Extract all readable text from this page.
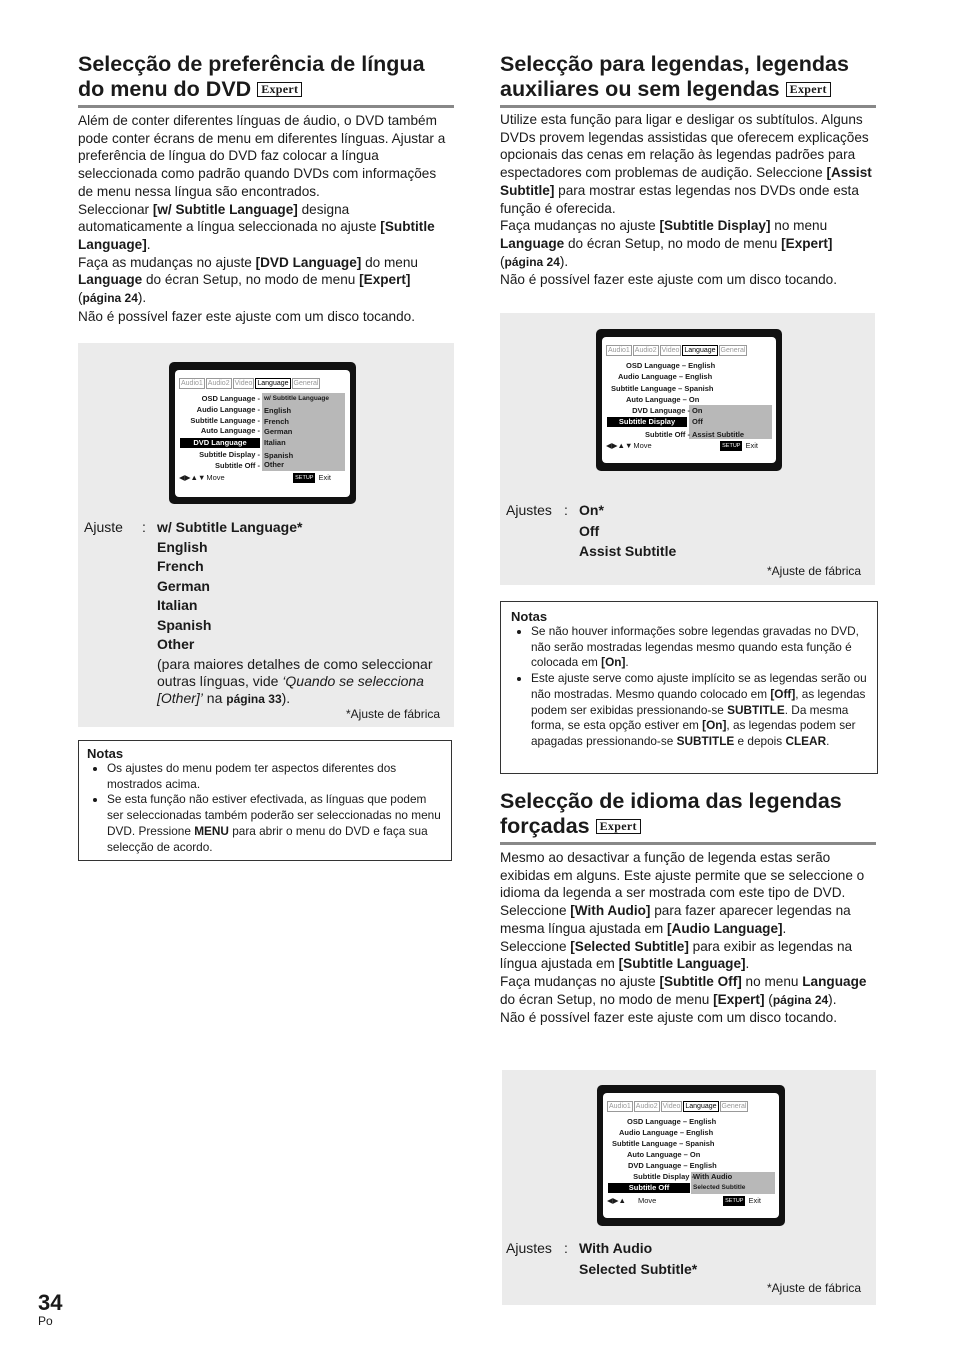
Selecção de preferência de língua do menu do DVD Expert

Além de conter diferentes línguas de áudio, o DVD também pode conter écrans de menu em diferentes línguas. Ajustar a preferência de língua do DVD faz colocar a língua seleccionada como padrão quando DVDs com informações de menu nessa língua são encontrados.

Seleccionar [w/ Subtitle Language] designa automaticamente a língua seleccionada no ajuste [Subtitle Language].

Faça as mudanças no ajuste [DVD Language] do menu Language do écran Setup, no modo de menu [Expert] (página 24).

Não é possível fazer este ajuste com um disco tocando.

Audio1 Audio2 Video Language General
OSD Language -
Audio Language -
Subtitle Language -
Auto Language -
DVD Language
Subtitle Display -
Subtitle Off -
w/ Subtitle Language
English
French
German
Italian
Spanish
Other
◀▶▲▼ Move	SETUP Exit
Ajuste : w/ Subtitle Language*
English
French
German
Italian
Spanish
Other
(para maiores detalhes de como seleccionar outras línguas, vide ‘Quando se selecciona [Other]’ na página 33).
*Ajuste de fábrica
Notas
• Os ajustes do menu podem ter aspectos diferentes dos mostrados acima.
• Se esta função não estiver efectivada, as línguas que podem ser seleccionadas também poderão ser seleccionadas no menu DVD. Pressione MENU para abrir o menu do DVD e faça sua selecção de acordo.
Selecção para legendas, legendas auxiliares ou sem legendas Expert

Utilize esta função para ligar e desligar os subtítulos. Alguns DVDs provem legendas assistidas que oferecem explicações opcionais das cenas em relação às legendas padrões para espectadores com problemas de audição. Seleccione [Assist Subtitle] para mostrar estas legendas nos DVDs onde esta função é oferecida.

Faça mudanças no ajuste [Subtitle Display] no menu Language do écran Setup, no modo de menu [Expert] (página 24).

Não é possível fazer este ajuste com um disco tocando.

Audio1 Audio2 Video Language General
OSD Language – English
Audio Language – English
Subtitle Language – Spanish
Auto Language – On
DVD Language -
Subtitle Display
Subtitle Off -
On
Off
Assist Subtitle
◀▶▲▼ Move	SETUP Exit
Ajustes : On*
Off
Assist Subtitle
*Ajuste de fábrica
Notas
• Se não houver informações sobre legendas gravadas no DVD, não serão mostradas legendas mesmo quando esta função é colocada em [On].
• Este ajuste serve como ajuste implícito se as legendas serão ou não mostradas. Mesmo quando colocado em [Off], as legendas podem ser exibidas pressionando-se SUBTITLE. Da mesma forma, se esta opção estiver em [On], as legendas podem ser apagadas pressionando-se SUBTITLE e depois CLEAR.
Selecção de idioma das legendas forçadas Expert

Mesmo ao desactivar a função de legenda estas serão exibidas em alguns. Este ajuste permite que se seleccione o idioma da legenda a ser mostrada com este tipo de DVD.

Seleccione [With Audio] para fazer aparecer legendas na mesma língua ajustada em [Audio Language].

Seleccione [Selected Subtitle] para exibir as legendas na língua ajustada em [Subtitle Language].

Faça mudanças no ajuste [Subtitle Off] no menu Language do écran Setup, no modo de menu [Expert] (página 24).

Não é possível fazer este ajuste com um disco tocando.

Audio1 Audio2 Video Language General
OSD Language – English
Audio Language – English
Subtitle Language – Spanish
Auto Language – On
DVD Language – English
Subtitle Display -
Subtitle Off
With Audio
Selected Subtitle
◀▶▲ Move	SETUP Exit
Ajustes : With Audio
Selected Subtitle*
*Ajuste de fábrica
34
Po
